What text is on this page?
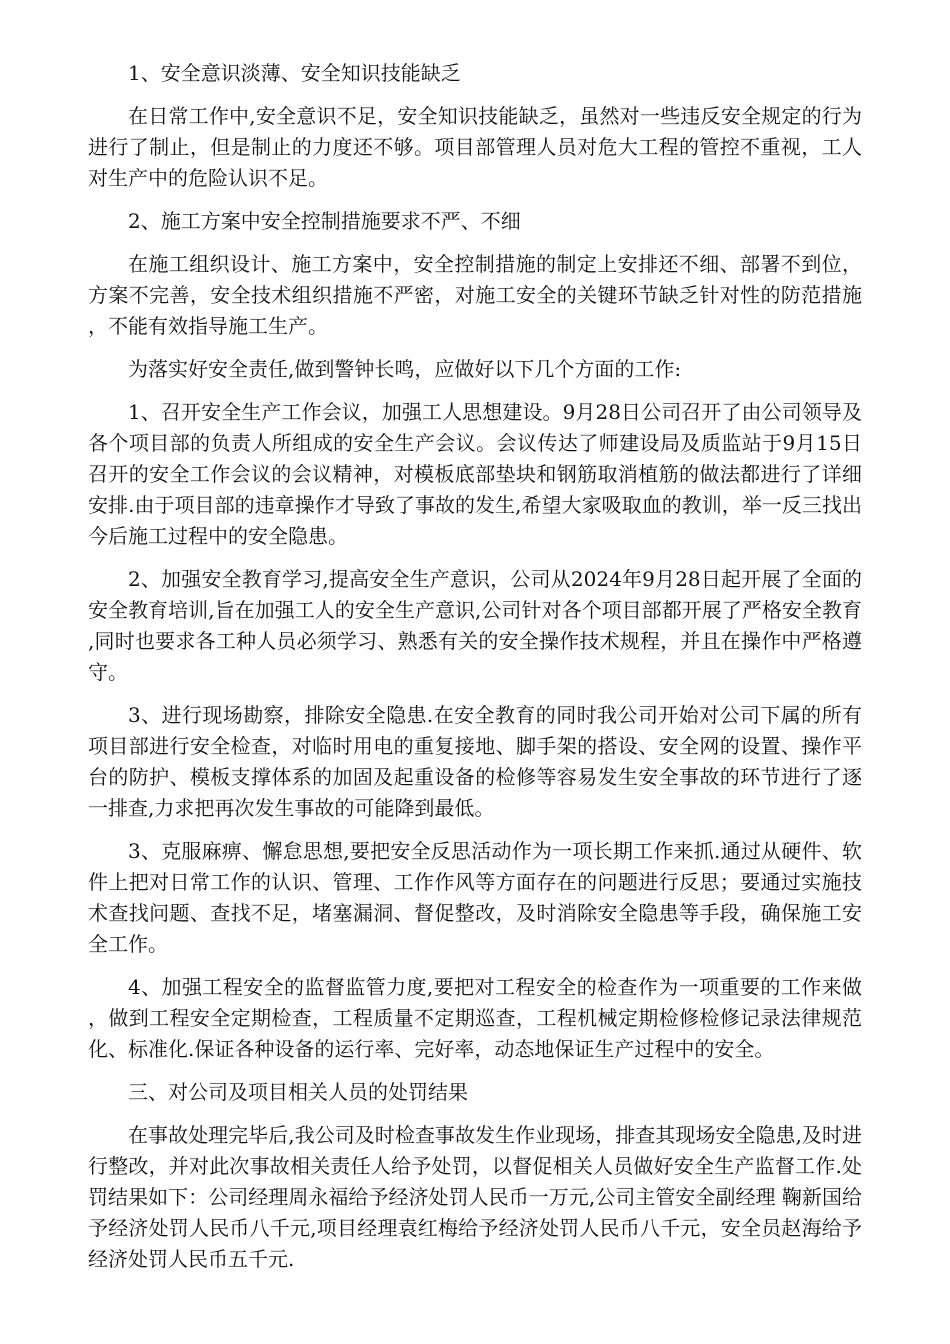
1、安全意识淡薄、安全知识技能缺乏

在日常工作中,安全意识不足，安全知识技能缺乏，虽然对一些违反安全规定的行为进行了制止，但是制止的力度还不够。项目部管理人员对危大工程的管控不重视，工人对生产中的危险认识不足。

2、施工方案中安全控制措施要求不严、不细

在施工组织设计、施工方案中，安全控制措施的制定上安排还不细、部署不到位，方案不完善，安全技术组织措施不严密，对施工安全的关键环节缺乏针对性的防范措施，不能有效指导施工生产。

为落实好安全责任,做到警钟长鸣，应做好以下几个方面的工作:

1、召开安全生产工作会议，加强工人思想建设。9月28日公司召开了由公司领导及各个项目部的负责人所组成的安全生产会议。会议传达了师建设局及质监站于9月15日召开的安全工作会议的会议精神，对模板底部垫块和钢筋取消植筋的做法都进行了详细安排.由于项目部的违章操作才导致了事故的发生,希望大家吸取血的教训，举一反三找出今后施工过程中的安全隐患。

2、加强安全教育学习,提高安全生产意识，公司从2024年9月28日起开展了全面的安全教育培训,旨在加强工人的安全生产意识,公司针对各个项目部都开展了严格安全教育,同时也要求各工种人员必须学习、熟悉有关的安全操作技术规程，并且在操作中严格遵守。

3、进行现场勘察，排除安全隐患.在安全教育的同时我公司开始对公司下属的所有项目部进行安全检查，对临时用电的重复接地、脚手架的搭设、安全网的设置、操作平台的防护、模板支撑体系的加固及起重设备的检修等容易发生安全事故的环节进行了逐一排查,力求把再次发生事故的可能降到最低。

3、克服麻痹、懈怠思想,要把安全反思活动作为一项长期工作来抓.通过从硬件、软件上把对日常工作的认识、管理、工作作风等方面存在的问题进行反思；要通过实施技术查找问题、查找不足，堵塞漏洞、督促整改，及时消除安全隐患等手段，确保施工安全工作。

4、加强工程安全的监督监管力度,要把对工程安全的检查作为一项重要的工作来做，做到工程安全定期检查，工程质量不定期巡查，工程机械定期检修检修记录法律规范化、标准化.保证各种设备的运行率、完好率，动态地保证生产过程中的安全。

三、对公司及项目相关人员的处罚结果

在事故处理完毕后,我公司及时检查事故发生作业现场，排查其现场安全隐患,及时进行整改，并对此次事故相关责任人给予处罚，以督促相关人员做好安全生产监督工作.处罚结果如下：公司经理周永福给予经济处罚人民币一万元,公司主管安全副经理 鞠新国给予经济处罚人民币八千元,项目经理袁红梅给予经济处罚人民币八千元，安全员赵海给予经济处罚人民币五千元.
